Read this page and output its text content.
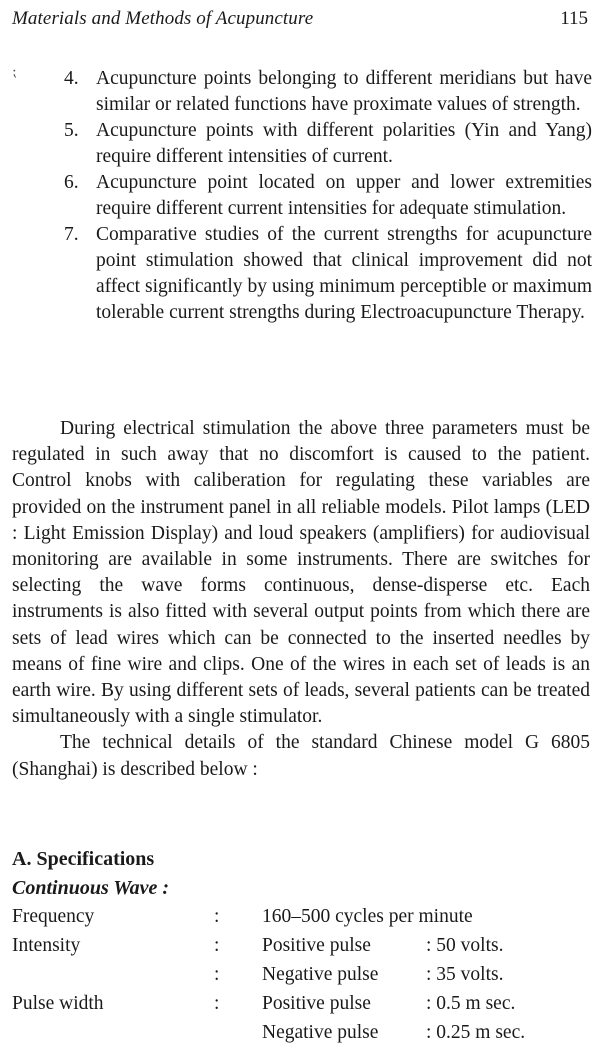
Materials and Methods of Acupuncture	115
⁏ 4. Acupuncture points belonging to different meridians but have similar or related functions have proximate values of strength.
5. Acupuncture points with different polarities (Yin and Yang) require different intensities of current.
6. Acupuncture point located on upper and lower extremities require different current intensities for adequate stimulation.
7. Comparative studies of the current strengths for acupuncture point stimulation showed that clinical improvement did not affect significantly by using minimum perceptible or maximum tolerable current strengths during Electroacupuncture Therapy.

During electrical stimulation the above three parameters must be regulated in such away that no discomfort is caused to the patient. Control knobs with caliberation for regulating these variables are provided on the instrument panel in all reliable models. Pilot lamps (LED : Light Emission Display) and loud speakers (amplifiers) for audiovisual monitoring are available in some instruments. There are switches for selecting the wave forms continuous, dense-disperse etc. Each instruments is also fitted with several output points from which there are sets of lead wires which can be connected to the inserted needles by means of fine wire and clips. One of the wires in each set of leads is an earth wire. By using different sets of leads, several patients can be treated simultaneously with a single stimulator.

The technical details of the standard Chinese model G 6805 (Shanghai) is described below :

A. Specifications
Continuous Wave :
Frequency	: 160–500 cycles per minute
Intensity	: Positive pulse	: 50 volts.
: Negative pulse : 35 volts.
Pulse width	: Positive pulse	: 0.5 m sec.
Negative pulse : 0.25 m sec.
